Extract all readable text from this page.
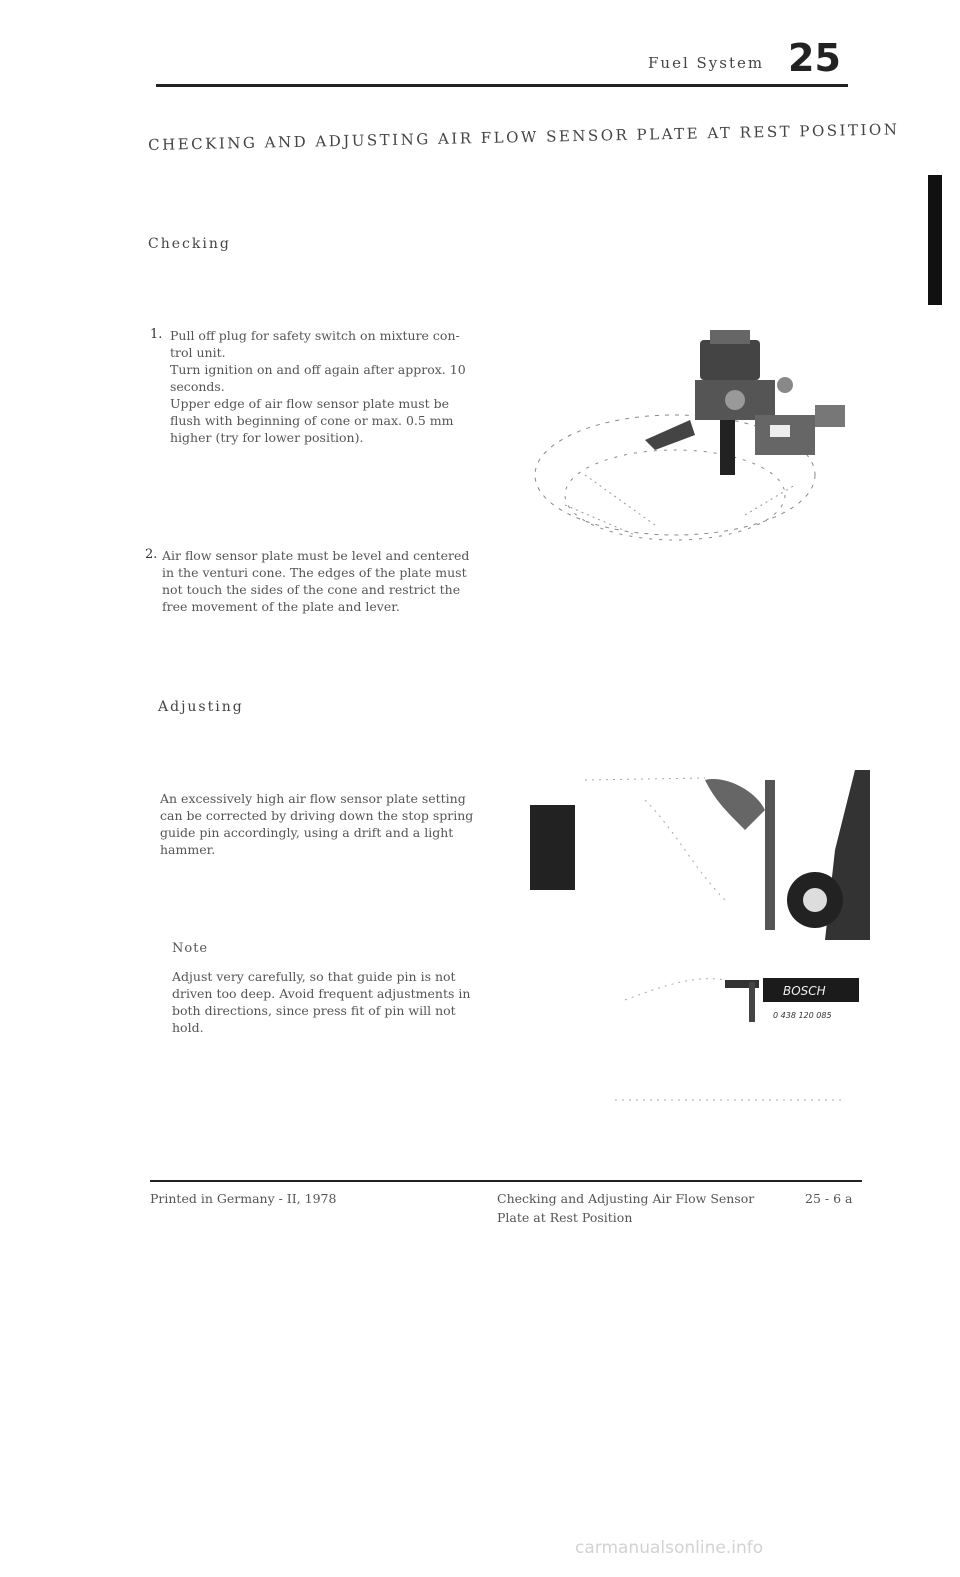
Fuel System 25
CHECKING AND ADJUSTING AIR FLOW SENSOR PLATE AT REST POSITION
Checking
1. Pull off plug for safety switch on mixture con-
trol unit.
Turn ignition on and off again after approx. 10
seconds.
Upper edge of air flow sensor plate must be
flush with beginning of cone or max. 0.5 mm
higher (try for lower position).
2. Air flow sensor plate must be level and centered
in the venturi cone. The edges of the plate must
not touch the sides of the cone and restrict the
free movement of the plate and lever.
Adjusting
An excessively high air flow sensor plate setting
can be corrected by driving down the stop spring
guide pin accordingly, using a drift and a light
hammer.
Note
Adjust very carefully, so that guide pin is not
driven too deep. Avoid frequent adjustments in
both directions, since press fit of pin will not
hold.
BOSCH
0 438 120 085
Printed in Germany - II, 1978	Checking and Adjusting Air Flow Sensor
Plate at Rest Position
25 - 6 a
carmanualsonline.info
